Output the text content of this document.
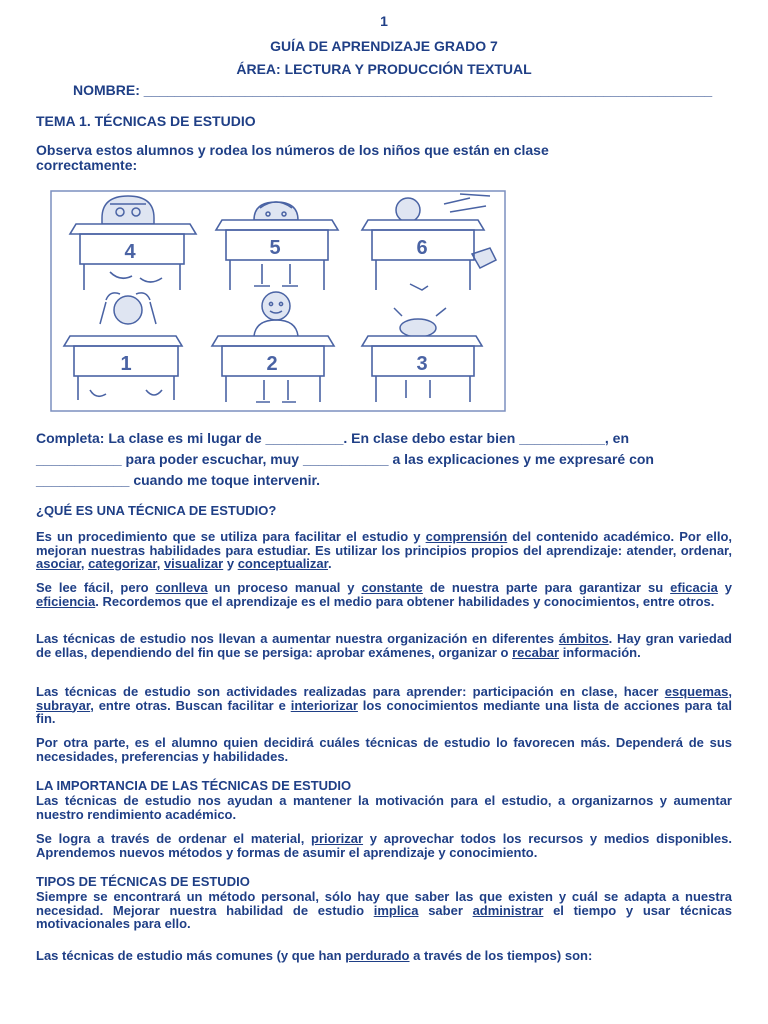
1
GUÍA DE APRENDIZAJE GRADO 7
ÁREA: LECTURA Y PRODUCCIÓN TEXTUAL
NOMBRE: _________________________________________________________________________
TEMA 1. TÉCNICAS DE ESTUDIO
Observa estos alumnos y rodea los números de los niños que están en clase
correctamente:
4	5	6
1	2	3
Completa: La clase es mi lugar de __________. En clase debo estar bien ___________, en
___________ para poder escuchar, muy ___________ a las explicaciones y me expresaré con
____________ cuando me toque intervenir.
¿QUÉ ES UNA TÉCNICA DE ESTUDIO?
Es un procedimiento que se utiliza para facilitar el estudio y comprensión del contenido académico. Por ello, mejoran nuestras habilidades para estudiar. Es utilizar los principios propios del aprendizaje: atender, ordenar, asociar, categorizar, visualizar y conceptualizar.
Se lee fácil, pero conlleva un proceso manual y constante de nuestra parte para garantizar su eficacia y eficiencia. Recordemos que el aprendizaje es el medio para obtener habilidades y conocimientos, entre otros.
Las técnicas de estudio nos llevan a aumentar nuestra organización en diferentes ámbitos. Hay gran variedad de ellas, dependiendo del fin que se persiga: aprobar exámenes, organizar o recabar información.
Las técnicas de estudio son actividades realizadas para aprender: participación en clase, hacer esquemas, subrayar, entre otras. Buscan facilitar e interiorizar los conocimientos mediante una lista de acciones para tal fin.
Por otra parte, es el alumno quien decidirá cuáles técnicas de estudio lo favorecen más. Dependerá de sus necesidades, preferencias y habilidades.
LA IMPORTANCIA DE LAS TÉCNICAS DE ESTUDIO
Las técnicas de estudio nos ayudan a mantener la motivación para el estudio, a organizarnos y aumentar nuestro rendimiento académico.
Se logra a través de ordenar el material, priorizar y aprovechar todos los recursos y medios disponibles. Aprendemos nuevos métodos y formas de asumir el aprendizaje y conocimiento.
TIPOS DE TÉCNICAS DE ESTUDIO
Siempre se encontrará un método personal, sólo hay que saber las que existen y cuál se adapta a nuestra necesidad. Mejorar nuestra habilidad de estudio implica saber administrar el tiempo y usar técnicas motivacionales para ello.
Las técnicas de estudio más comunes (y que han perdurado a través de los tiempos) son:
